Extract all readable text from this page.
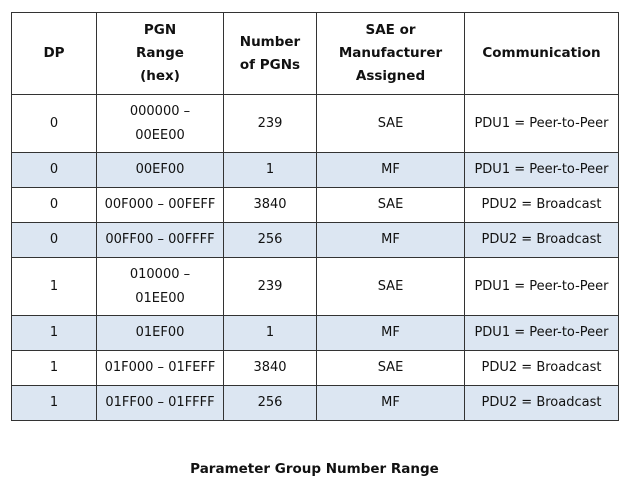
DP	PGN Range (hex)	Number of PGNs	SAE or Manufacturer Assigned	Communication
0	000000 – 00EE00	239	SAE	PDU1 = Peer-to-Peer
0	00EF00	1	MF	PDU1 = Peer-to-Peer
0	00F000 – 00FEFF	3840	SAE	PDU2 = Broadcast
0	00FF00 – 00FFFF	256	MF	PDU2 = Broadcast
1	010000 – 01EE00	239	SAE	PDU1 = Peer-to-Peer
1	01EF00	1	MF	PDU1 = Peer-to-Peer
1	01F000 – 01FEFF	3840	SAE	PDU2 = Broadcast
1	01FF00 – 01FFFF	256	MF	PDU2 = Broadcast
Parameter Group Number Range
